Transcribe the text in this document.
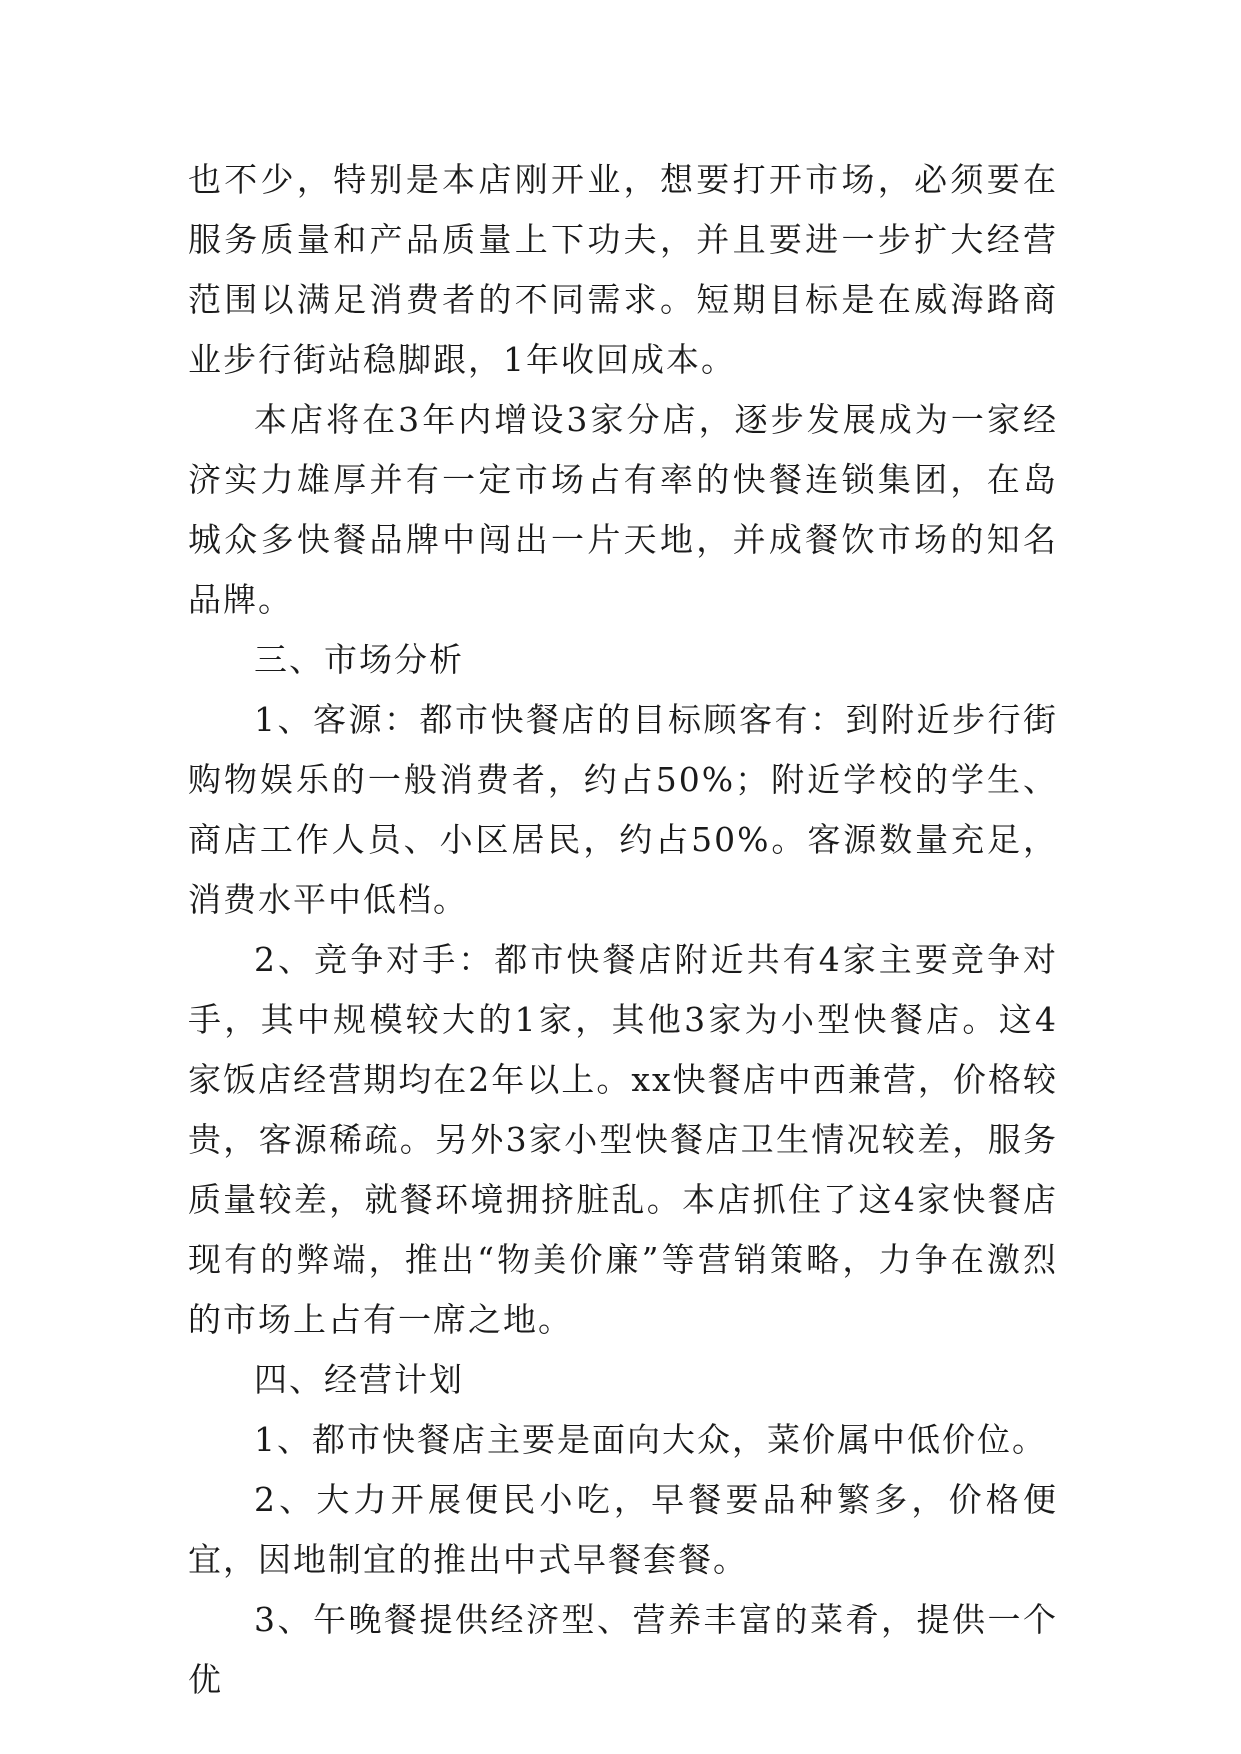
也不少，特别是本店刚开业，想要打开市场，必须要在服务质量和产品质量上下功夫，并且要进一步扩大经营范围以满足消费者的不同需求。短期目标是在威海路商业步行街站稳脚跟，1年收回成本。

本店将在3年内增设3家分店，逐步发展成为一家经济实力雄厚并有一定市场占有率的快餐连锁集团，在岛城众多快餐品牌中闯出一片天地，并成餐饮市场的知名品牌。

三、市场分析

1、客源：都市快餐店的目标顾客有：到附近步行街购物娱乐的一般消费者，约占50%；附近学校的学生、商店工作人员、小区居民，约占50%。客源数量充足，消费水平中低档。

2、竞争对手：都市快餐店附近共有4家主要竞争对手，其中规模较大的1家，其他3家为小型快餐店。这4家饭店经营期均在2年以上。xx快餐店中西兼营，价格较贵，客源稀疏。另外3家小型快餐店卫生情况较差，服务质量较差，就餐环境拥挤脏乱。本店抓住了这4家快餐店现有的弊端，推出“物美价廉”等营销策略，力争在激烈的市场上占有一席之地。

四、经营计划

1、都市快餐店主要是面向大众，菜价属中低价位。

2、大力开展便民小吃，早餐要品种繁多，价格便宜，因地制宜的推出中式早餐套餐。

3、午晚餐提供经济型、营养丰富的菜肴，提供一个优
